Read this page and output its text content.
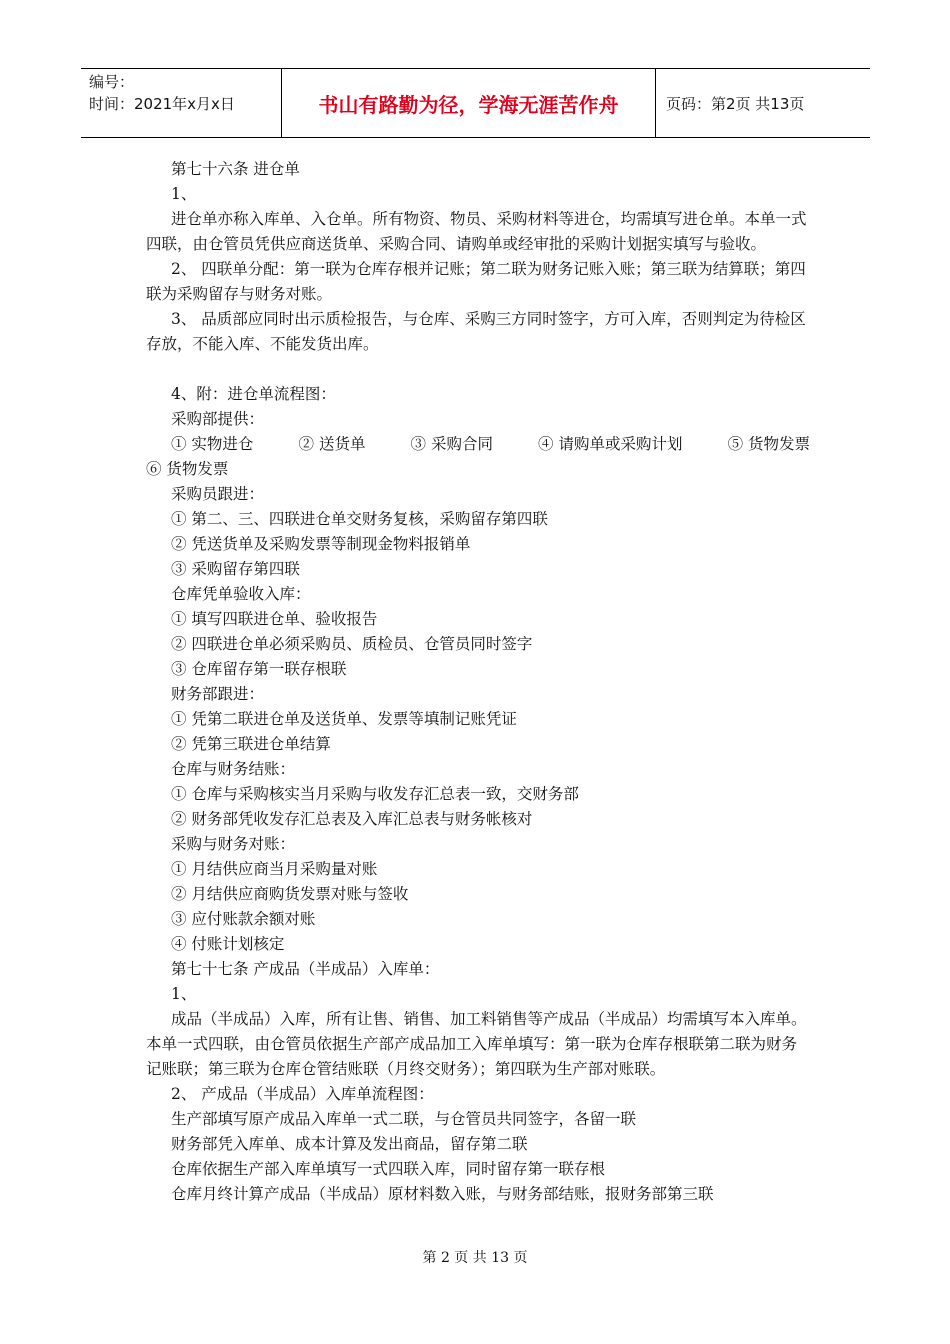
编号：
时间：2021年x月x日	书山有路勤为径，学海无涯苦作舟	页码：第2页 共13页

第七十六条 进仓单

1、

进仓单亦称入库单、入仓单。所有物资、物员、采购材料等进仓，均需填写进仓单。本单一式四联，由仓管员凭供应商送货单、采购合同、请购单或经审批的采购计划据实填写与验收。

2、 四联单分配：第一联为仓库存根并记账；第二联为财务记账入账；第三联为结算联；第四联为采购留存与财务对账。

3、 品质部应同时出示质检报告，与仓库、采购三方同时签字，方可入库，否则判定为待检区存放，不能入库、不能发货出库。

4、附：进仓单流程图：

采购部提供：

① 实物进仓	② 送货单	③ 采购合同	④ 请购单或采购计划	⑤ 货物发票

⑥ 货物发票

采购员跟进：

① 第二、三、四联进仓单交财务复核，采购留存第四联

② 凭送货单及采购发票等制现金物料报销单

③ 采购留存第四联

仓库凭单验收入库：

① 填写四联进仓单、验收报告

② 四联进仓单必须采购员、质检员、仓管员同时签字

③ 仓库留存第一联存根联

财务部跟进：

① 凭第二联进仓单及送货单、发票等填制记账凭证

② 凭第三联进仓单结算

仓库与财务结账：

① 仓库与采购核实当月采购与收发存汇总表一致，交财务部

② 财务部凭收发存汇总表及入库汇总表与财务帐核对

采购与财务对账：

① 月结供应商当月采购量对账

② 月结供应商购货发票对账与签收

③ 应付账款余额对账

④ 付账计划核定

第七十七条 产成品（半成品）入库单：

1、

成品（半成品）入库，所有让售、销售、加工料销售等产成品（半成品）均需填写本入库单。本单一式四联，由仓管员依据生产部产成品加工入库单填写：第一联为仓库存根联第二联为财务记账联；第三联为仓库仓管结账联（月终交财务）；第四联为生产部对账联。

2、 产成品（半成品）入库单流程图：

生产部填写原产成品入库单一式二联，与仓管员共同签字，各留一联

财务部凭入库单、成本计算及发出商品，留存第二联

仓库依据生产部入库单填写一式四联入库，同时留存第一联存根

仓库月终计算产成品（半成品）原材料数入账，与财务部结账，报财务部第三联

第 2 页 共 13 页
